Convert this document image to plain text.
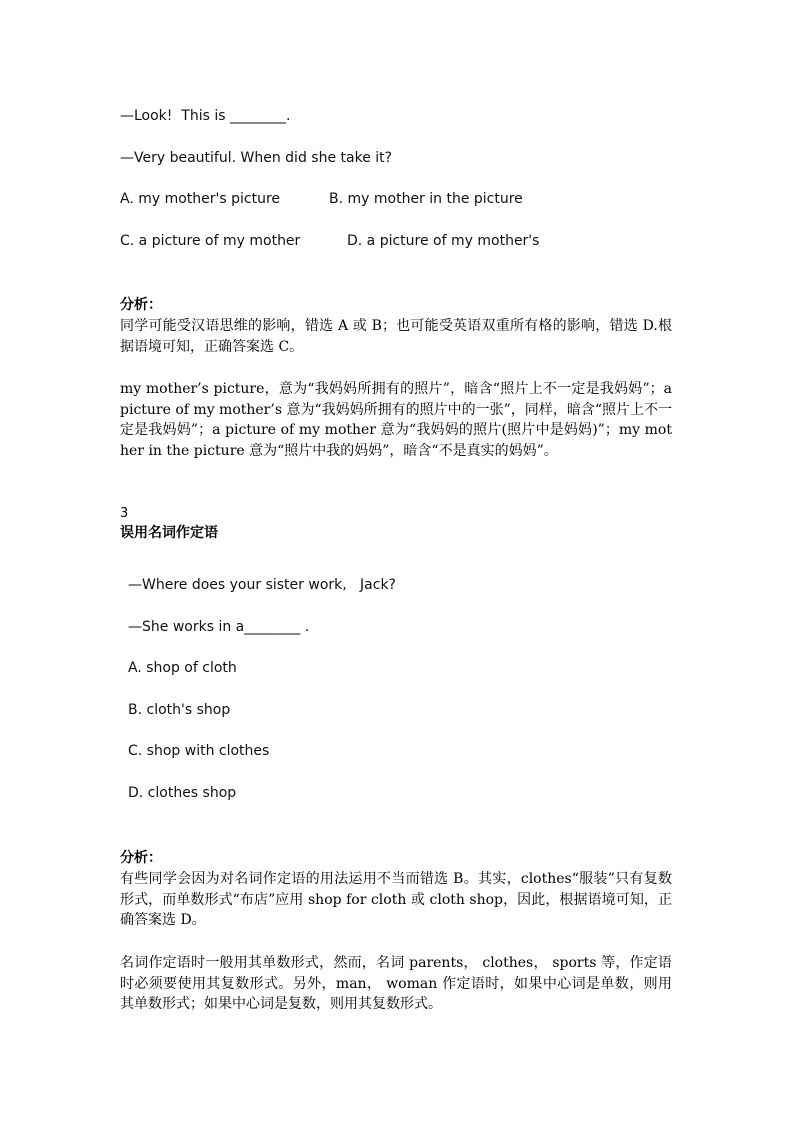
—Look!  This is ________.
—Very beautiful. When did she take it?
A. my mother's picture	B. my mother in the picture
C. a picture of my mother	D. a picture of my mother's
分析：
同学可能受汉语思维的影响，错选 A 或 B；也可能受英语双重所有格的影响，错选 D.根据语境可知，正确答案选 C。
my mother’s picture，意为“我妈妈所拥有的照片”，暗含“照片上不一定是我妈妈”；a picture of my mother’s 意为“我妈妈所拥有的照片中的一张”，同样，暗含“照片上不一定是我妈妈”；a picture of my mother 意为“我妈妈的照片(照片中是妈妈)”；my mother in the picture 意为“照片中我的妈妈”，暗含“不是真实的妈妈”。
3
误用名词作定语
—Where does your sister work,   Jack?
—She works in a________ .
A. shop of cloth
B. cloth's shop
C. shop with clothes
D. clothes shop
分析：
有些同学会因为对名词作定语的用法运用不当而错选 B。其实，clothes“服装”只有复数形式，而单数形式“布店”应用 shop for cloth 或 cloth shop，因此，根据语境可知，正确答案选 D。
名词作定语时一般用其单数形式，然而，名词 parents， clothes， sports 等，作定语时必须要使用其复数形式。另外，man， woman 作定语时，如果中心词是单数，则用其单数形式；如果中心词是复数，则用其复数形式。
